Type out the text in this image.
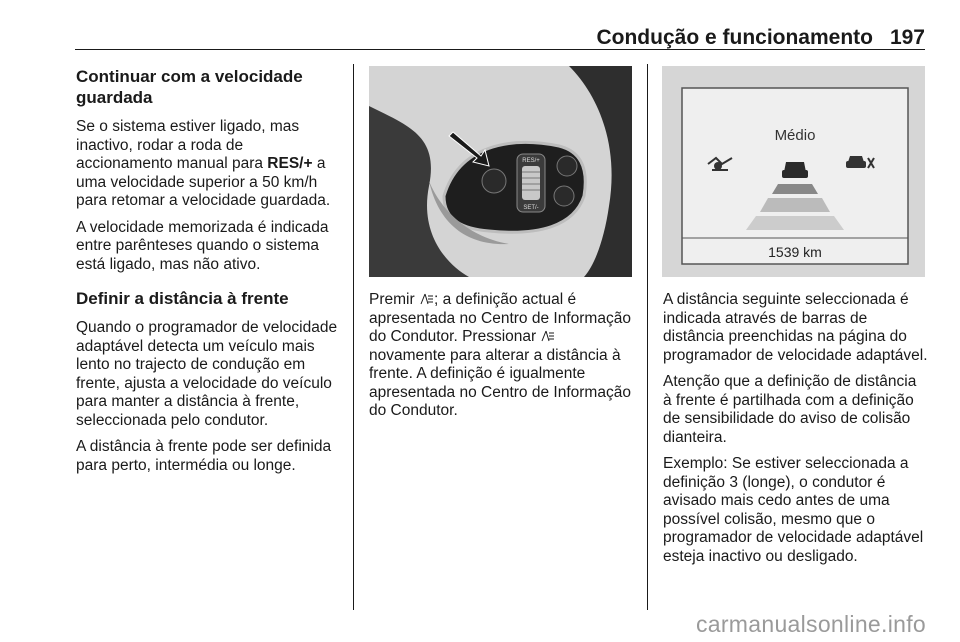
Condução e funcionamento 197
Continuar com a velocidade guardada

Se o sistema estiver ligado, mas inactivo, rodar a roda de accionamento manual para RES/+ a uma velocidade superior a 50 km/h para retomar a velocidade guardada.

A velocidade memorizada é indicada entre parênteses quando o sistema está ligado, mas não ativo.

Definir a distância à frente

Quando o programador de velocidade adaptável detecta um veículo mais lento no trajecto de condução em frente, ajusta a velocidade do veículo para manter a distância à frente, seleccionada pelo condutor.

A distância à frente pode ser definida para perto, intermédia ou longe.

RES/+
SET/-

Premir ; a definição actual é apresentada no Centro de Informação do Condutor. Pressionar  novamente para alterar a distância à frente. A definição é igualmente apresentada no Centro de Informação do Condutor.

Médio
1539 km

A distância seguinte seleccionada é indicada através de barras de distância preenchidas na página do programador de velocidade adaptável.

Atenção que a definição de distância à frente é partilhada com a definição de sensibilidade do aviso de colisão dianteira.

Exemplo: Se estiver seleccionada a definição 3 (longe), o condutor é avisado mais cedo antes de uma possível colisão, mesmo que o programador de velocidade adaptável esteja inactivo ou desligado.

carmanualsonline.info
